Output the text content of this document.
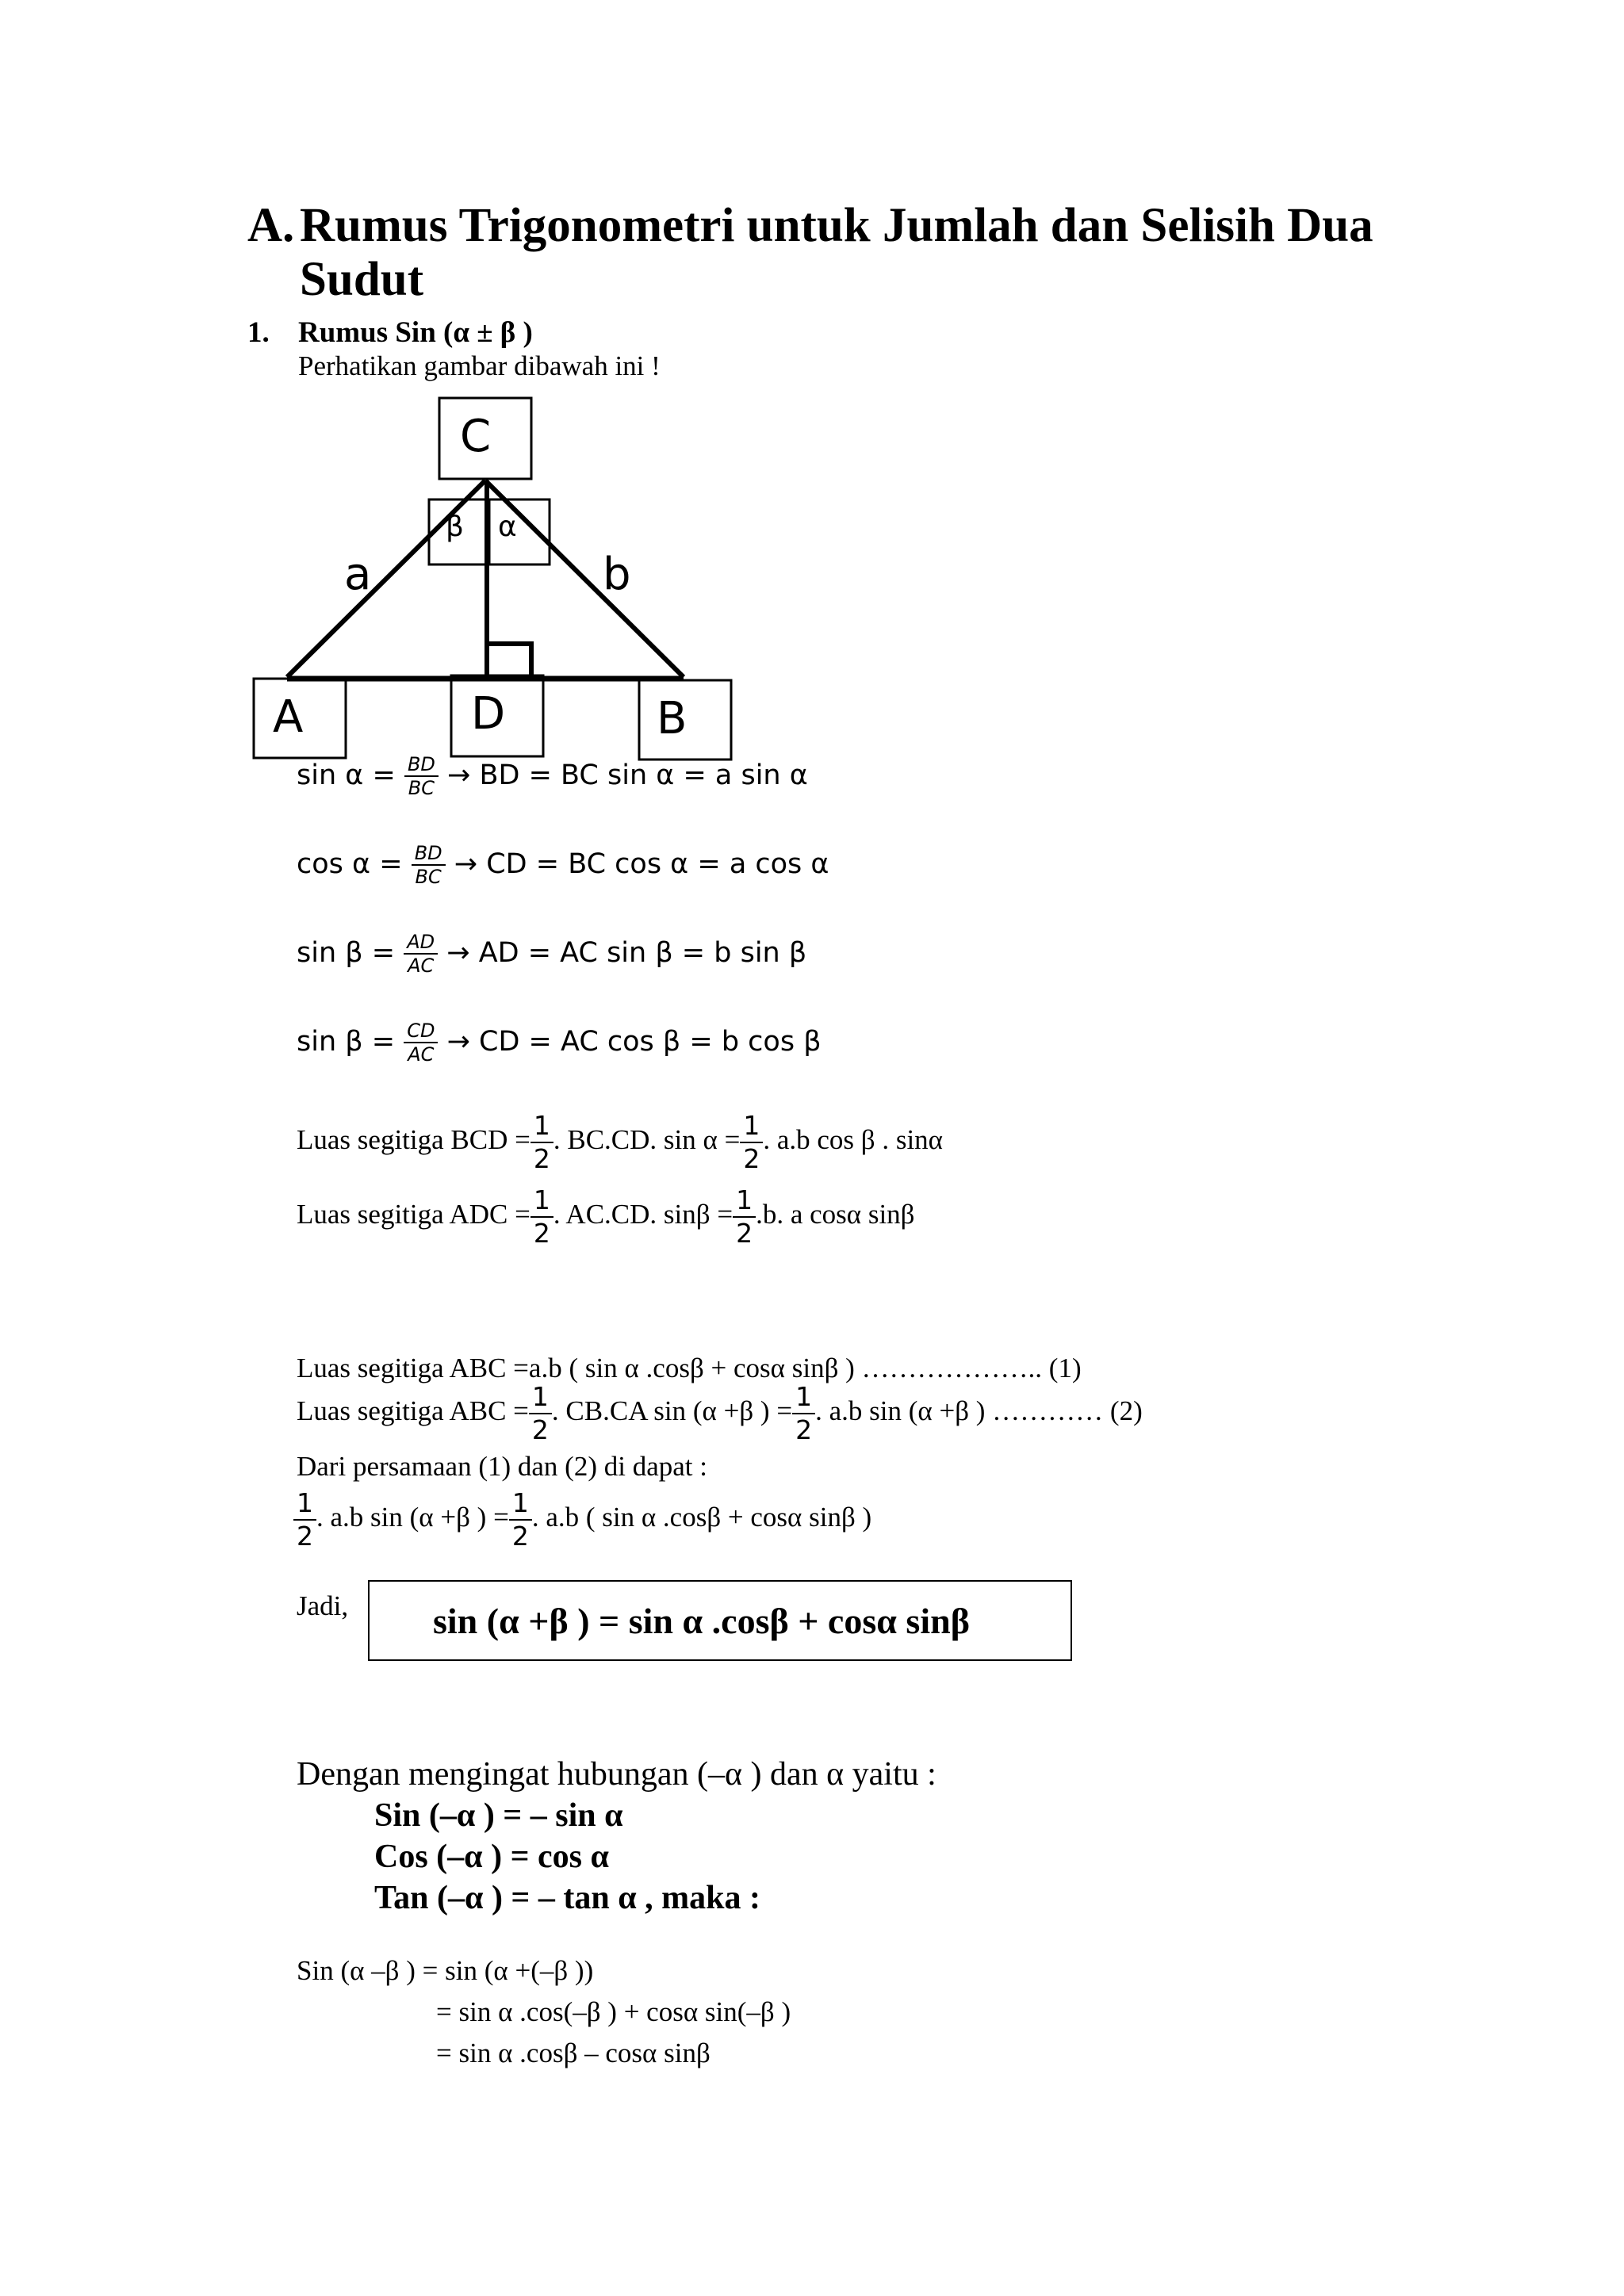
A. Rumus Trigonometri untuk Jumlah dan Selisih Dua
Sudut
1. Rumus Sin (α ± β )
Perhatikan gambar dibawah ini !
C
β α
a	b
A	D	B
$\sin \alpha = \frac{BD}{BC}$ → BD = BC sin α = a sin α
$\cos \alpha = \frac{BD}{BC}$ → CD = BC cos α = a cos α
$\sin \beta = \frac{AD}{AC}$ → AD = AC sin β = b sin β
$\sin \beta = \frac{CD}{AC}$ → CD = AC cos β = b cos β
Luas segitiga BCD = $\frac{1}{2}$ . BC.CD. $\sin \alpha = \frac{1}{2}$ . a.b cos β . sinα
Luas segitiga ADC = $\frac{1}{2}$ . AC.CD. $\sin\beta = \frac{1}{2} .b$. a cosα sinβ
Luas segitiga ABC =a.b ( sin α .cosβ + cosα sinβ ) ……………….. (1)
Luas segitiga ABC = $\frac{1}{2}$ . CB.CA sin (α +β ) = $\frac{1}{2}$ . a.b sin (α +β ) ………… (2)
Dari persamaan (1) dan (2) di dapat :
$\frac{1}{2}$ . a.b sin (α +β ) = $\frac{1}{2}$ . a.b ( sin α .cosβ + cosα sinβ )
Jadi, sin (α +β ) = sin α .cosβ + cosα sinβ
Dengan mengingat hubungan (–α ) dan α yaitu :
Sin (–α ) = – sin α
Cos (–α ) = cos α
Tan (–α ) = – tan α , maka :
Sin (α –β ) = sin (α +(–β ))
= sin α .cos(–β ) + cosα sin(–β )
= sin α .cosβ – cosα sinβ
